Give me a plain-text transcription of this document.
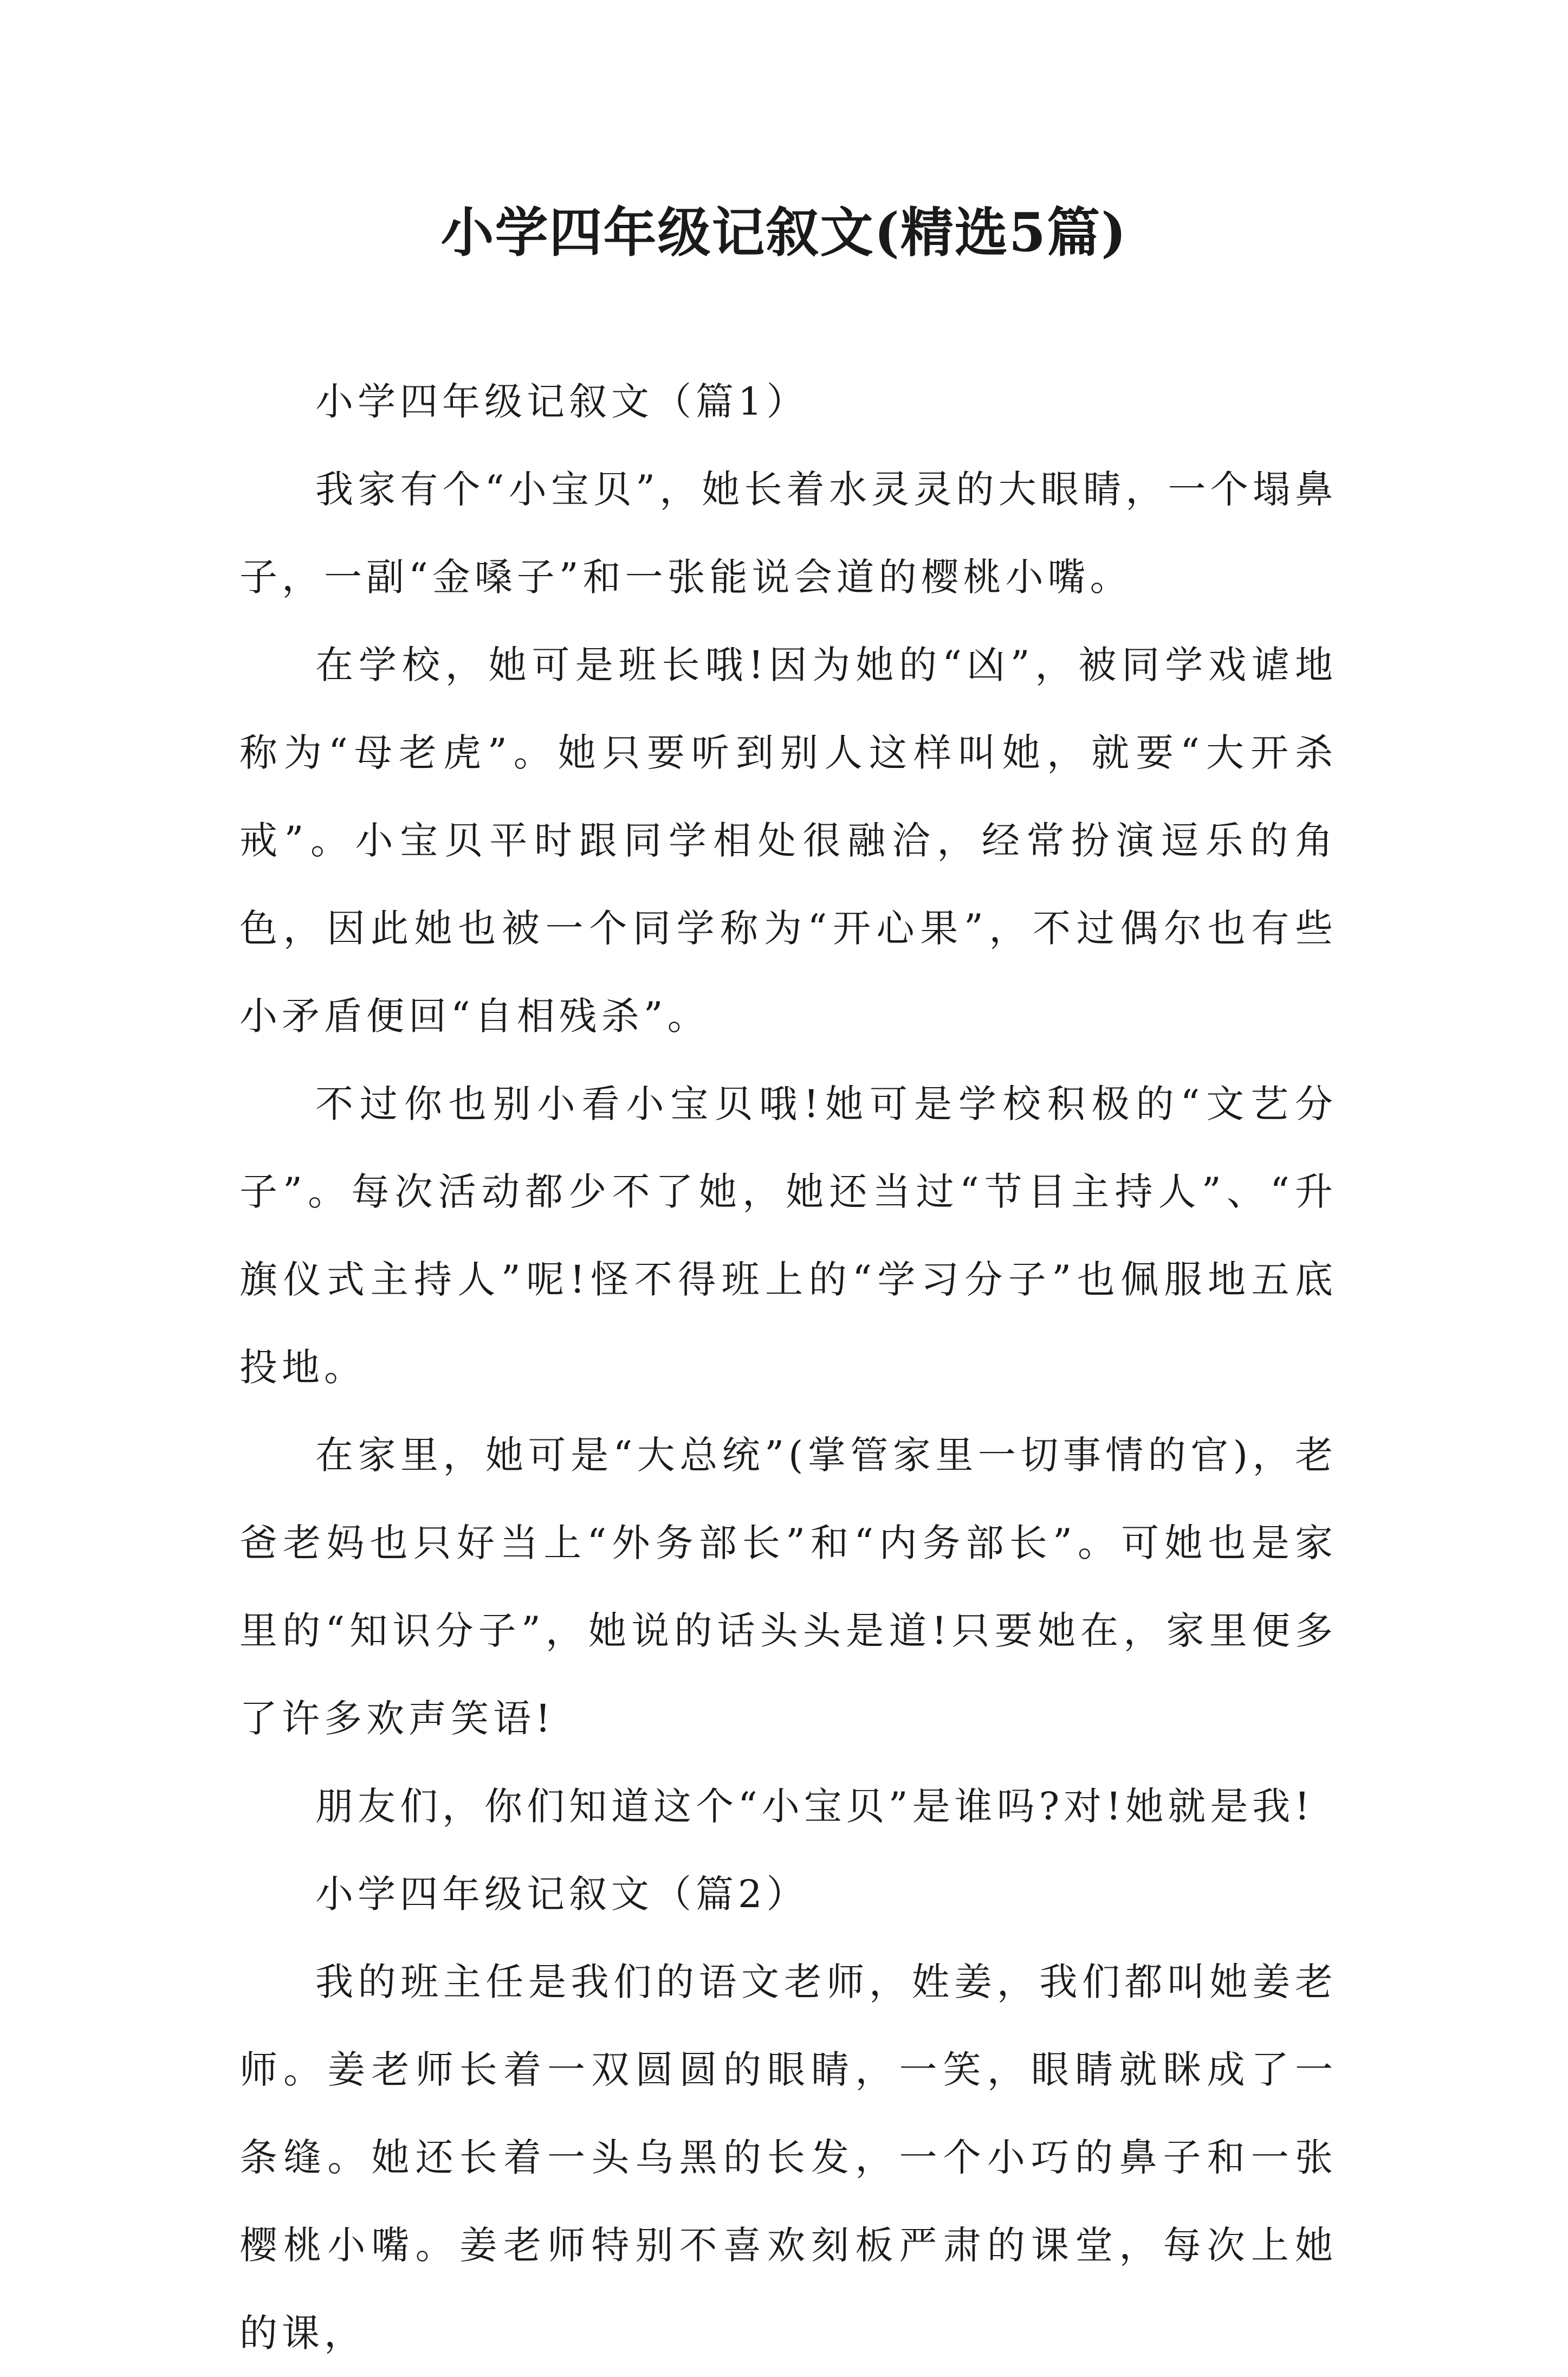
小学四年级记叙文(精选5篇)

小学四年级记叙文（篇1）

我家有个“小宝贝”，她长着水灵灵的大眼睛，一个塌鼻子，一副“金嗓子”和一张能说会道的樱桃小嘴。

在学校，她可是班长哦!因为她的“凶”，被同学戏谑地称为“母老虎”。她只要听到别人这样叫她，就要“大开杀戒”。小宝贝平时跟同学相处很融洽，经常扮演逗乐的角色，因此她也被一个同学称为“开心果”，不过偶尔也有些小矛盾便回“自相残杀”。

不过你也别小看小宝贝哦!她可是学校积极的“文艺分子”。每次活动都少不了她，她还当过“节目主持人”、“升旗仪式主持人”呢!怪不得班上的“学习分子”也佩服地五底投地。

在家里，她可是“大总统”(掌管家里一切事情的官)，老爸老妈也只好当上“外务部长”和“内务部长”。可她也是家里的“知识分子”，她说的话头头是道!只要她在，家里便多了许多欢声笑语!

朋友们，你们知道这个“小宝贝”是谁吗?对!她就是我!

小学四年级记叙文（篇2）

我的班主任是我们的语文老师，姓姜，我们都叫她姜老师。姜老师长着一双圆圆的眼睛，一笑，眼睛就眯成了一条缝。她还长着一头乌黑的长发，一个小巧的鼻子和一张樱桃小嘴。姜老师特别不喜欢刻板严肃的课堂，每次上她的课，
